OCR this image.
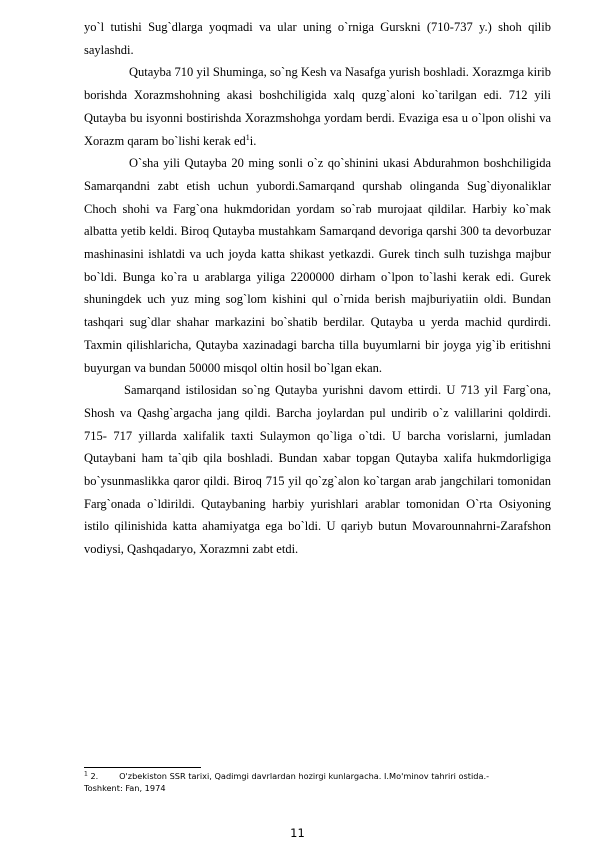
yo`l tutishi Sug`dlarga yoqmadi va ular uning o`rniga Gurskni (710-737 y.) shoh qilib saylashdi.

Qutayba 710 yil Shuminga, so`ng Kesh va Nasafga yurish boshladi. Xorazmga kirib borishda Xorazmshohning akasi boshchiligida xalq quzg`aloni ko`tarilgan edi. 712 yili Qutayba bu isyonni bostirishda Xorazmshohga yordam berdi. Evaziga esa u o`lpon olishi va Xorazm qaram bo`lishi kerak $ed^1i$.

O`sha yili Qutayba 20 ming sonli o`z qo`shinini ukasi Abdurahmon boshchiligida Samarqandni zabt etish uchun yubordi.Samarqand qurshab olinganda Sug`diyonaliklar Choch shohi va Farg`ona hukmdoridan yordam so`rab murojaat qildilar. Harbiy ko`mak albatta yetib keldi. Biroq Qutayba mustahkam Samarqand devoriga qarshi 300 ta devorbuzar mashinasini ishlatdi va uch joyda katta shikast yetkazdi. Gurek tinch sulh tuzishga majbur bo`ldi. Bunga ko`ra u arablarga yiliga 2200000 dirham o`lpon to`lashi kerak edi. Gurek shuningdek uch yuz ming sog`lom kishini qul o`rnida berish majburiyatiin oldi. Bundan tashqari sug`dlar shahar markazini bo`shatib berdilar. Qutayba u yerda machid qurdirdi. Taxmin qilishlaricha, Qutayba xazinadagi barcha tilla buyumlarni bir joyga yig`ib eritishni buyurgan va bundan 50000 misqol oltin hosil bo`lgan ekan.

Samarqand istilosidan so`ng Qutayba yurishni davom ettirdi. U 713 yil Farg`ona, Shosh va Qashg`argacha jang qildi. Barcha joylardan pul undirib o`z valillarini qoldirdi. 715- 717 yillarda xalifalik taxti Sulaymon qo`liga o`tdi. U barcha vorislarni, jumladan Qutaybani ham ta`qib qila boshladi. Bundan xabar topgan Qutayba xalifa hukmdorligiga bo`ysunmaslikka qaror qildi. Biroq 715 yil qo`zg`alon ko`targan arab jangchilari tomonidan Farg`onada o`ldirildi. Qutaybaning harbiy yurishlari arablar tomonidan O`rta Osiyoning istilo qilinishida katta ahamiyatga ega bo`ldi. U qariyb butun Movarounnahrni-Zarafshon vodiysi, Qashqadaryo, Xorazmni zabt etdi.

$^1$ 2.	O'zbekiston SSR tarixi, Qadimgi davrlardan hozirgi kunlargacha. I.Mo'minov tahriri ostida.-
Toshkent: Fan, 1974
11
